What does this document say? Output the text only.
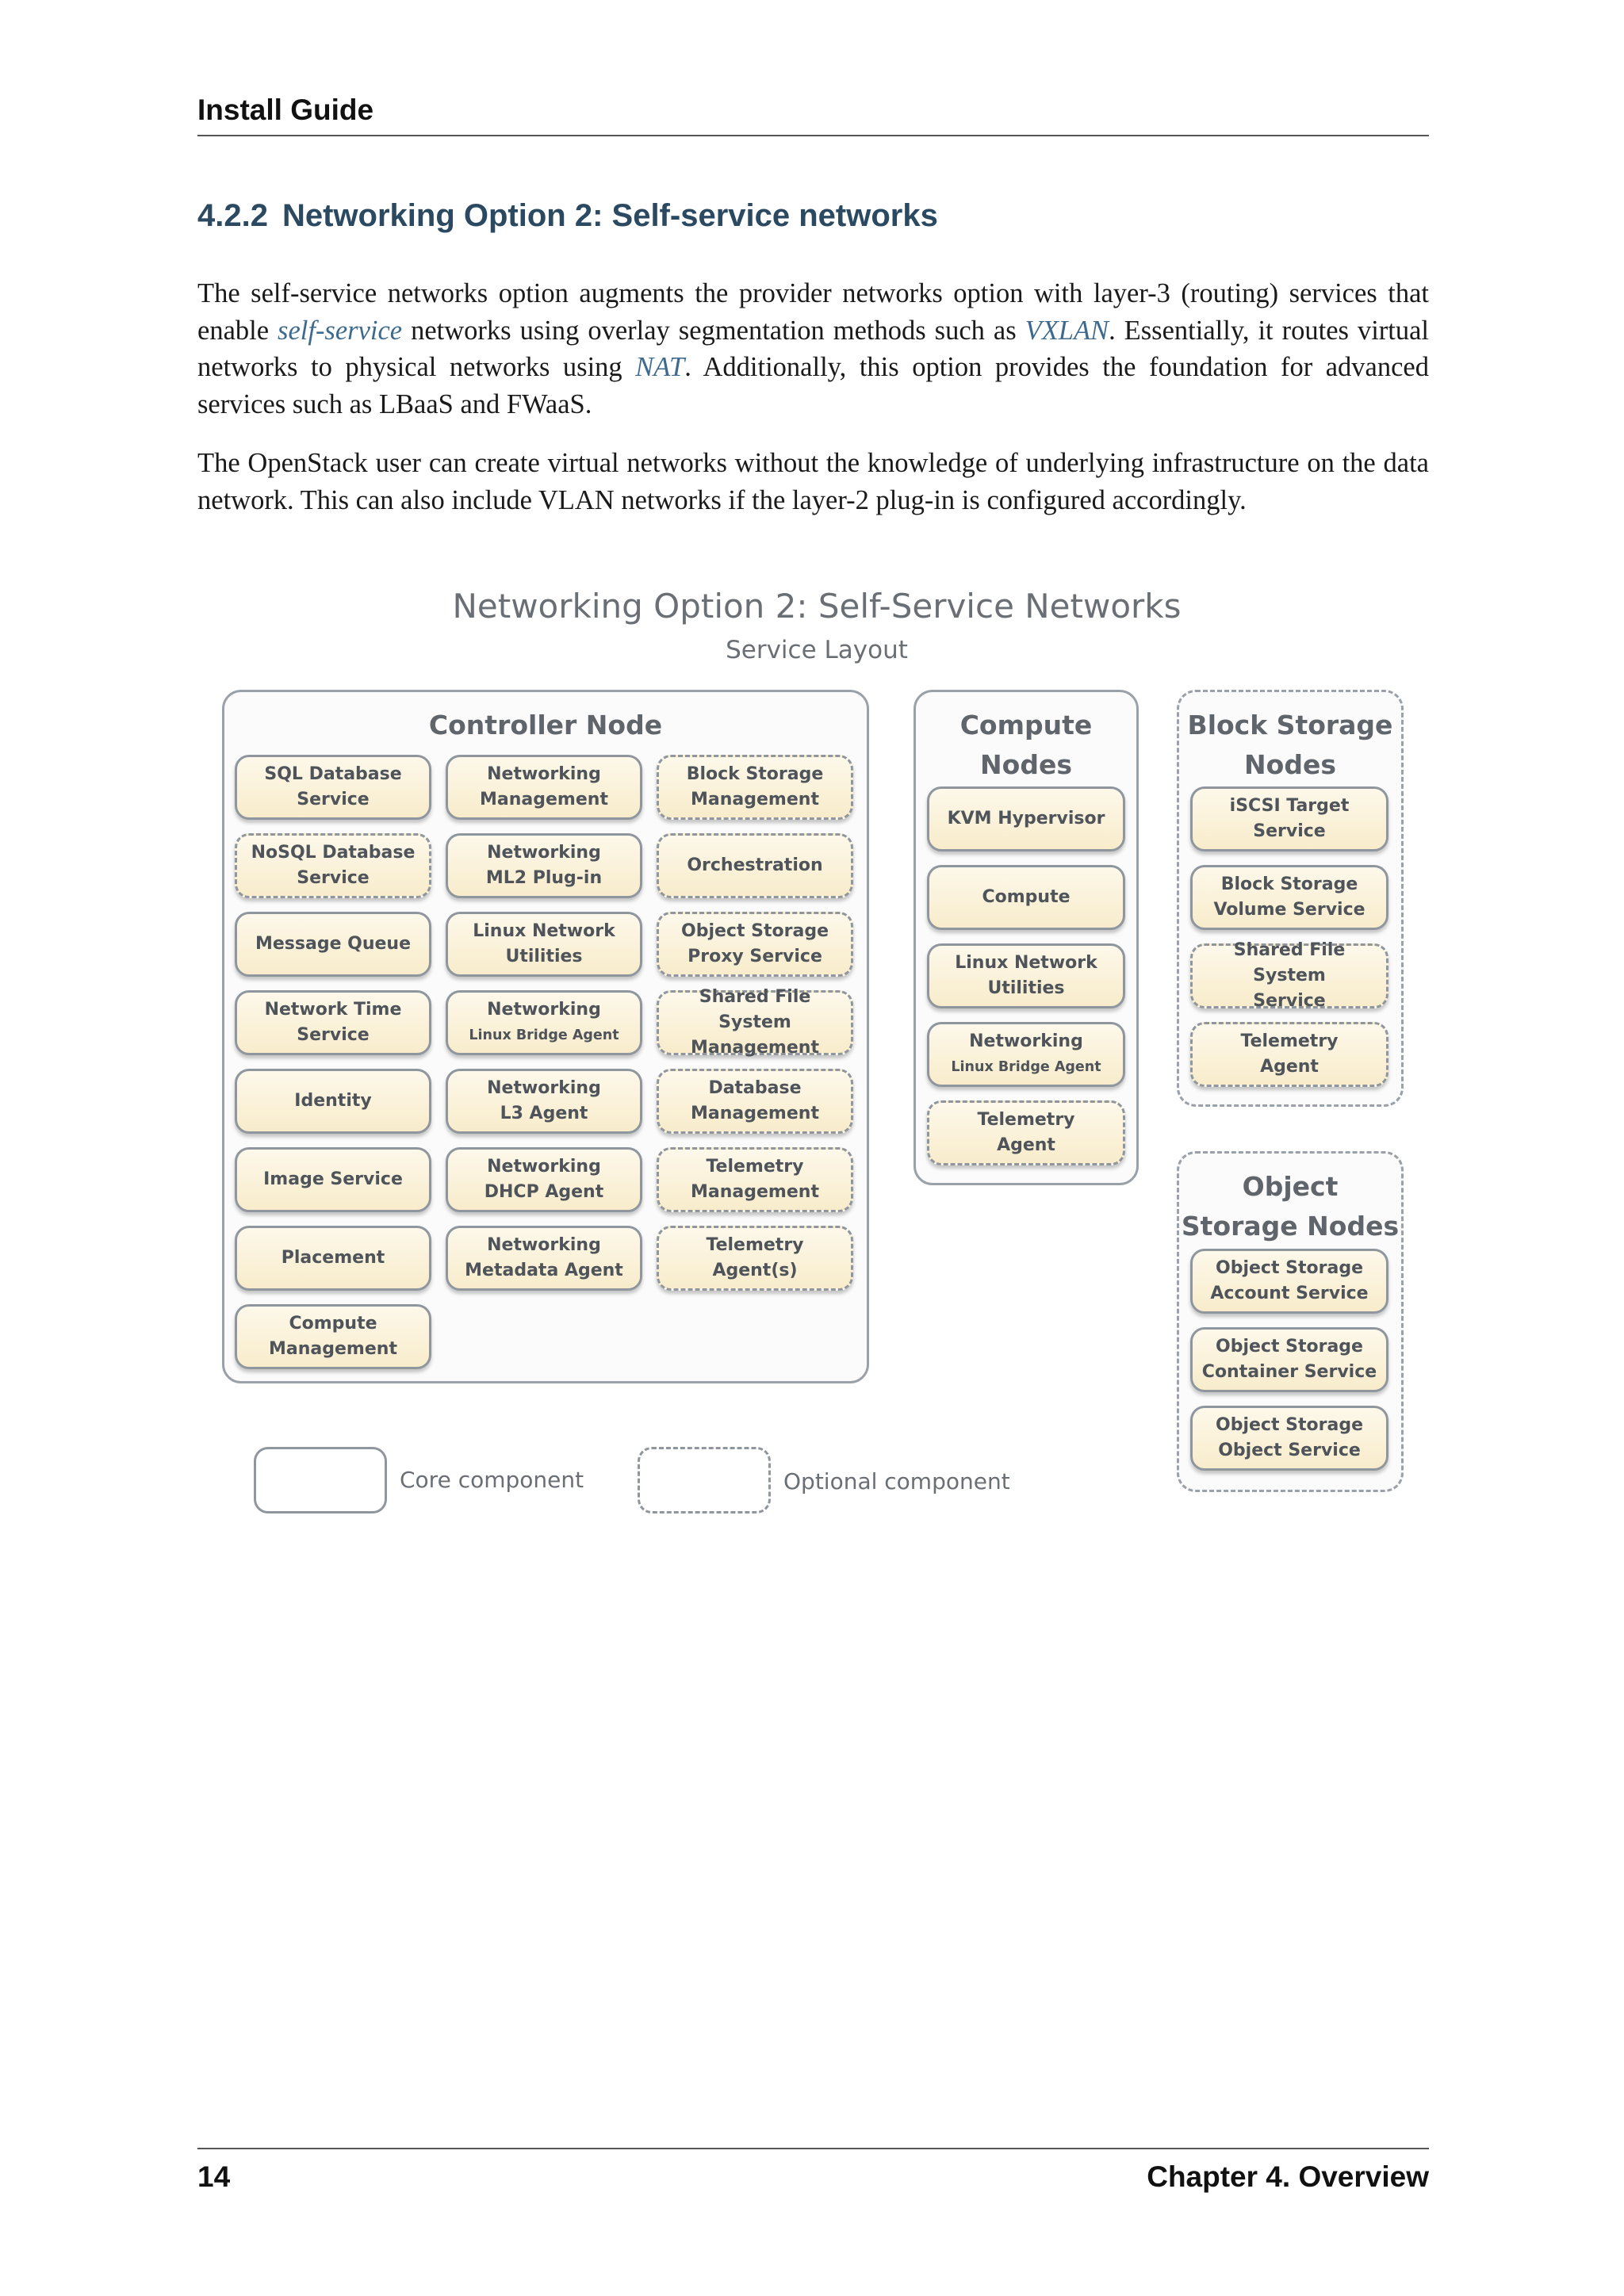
Install Guide
4.2.2 Networking Option 2: Self-service networks

The self-service networks option augments the provider networks option with layer-3 (routing) services that enable self-service networks using overlay segmentation methods such as VXLAN. Essentially, it routes virtual networks to physical networks using NAT. Additionally, this option provides the foundation for advanced services such as LBaaS and FWaaS.

The OpenStack user can create virtual networks without the knowledge of underlying infrastructure on the data network. This can also include VLAN networks if the layer-2 plug-in is configured accordingly.

Networking Option 2: Self-Service Networks
Service Layout
Controller Node	Compute
Nodes
Block Storage
Nodes
Object
Storage Nodes
SQL Database
Service
NoSQL Database
Service
Message Queue
Network Time
Service
Identity
Image Service
Placement
Compute
Management
Networking
Management
Networking
ML2 Plug-in
Linux Network
Utilities
Networking
Linux Bridge Agent
Networking
L3 Agent
Networking
DHCP Agent
Networking
Metadata Agent
Block Storage
Management
Orchestration
Object Storage
Proxy Service
Shared File System
Management
Database
Management
Telemetry
Management
Telemetry
Agent(s)
KVM Hypervisor
Compute
Linux Network
Utilities
Networking
Linux Bridge Agent
Telemetry
Agent
iSCSI Target
Service
Block Storage
Volume Service
Shared File System
Service
Telemetry
Agent
Object Storage
Account Service
Object Storage
Container Service
Object Storage
Object Service
Core component	Optional component
14	Chapter 4. Overview
